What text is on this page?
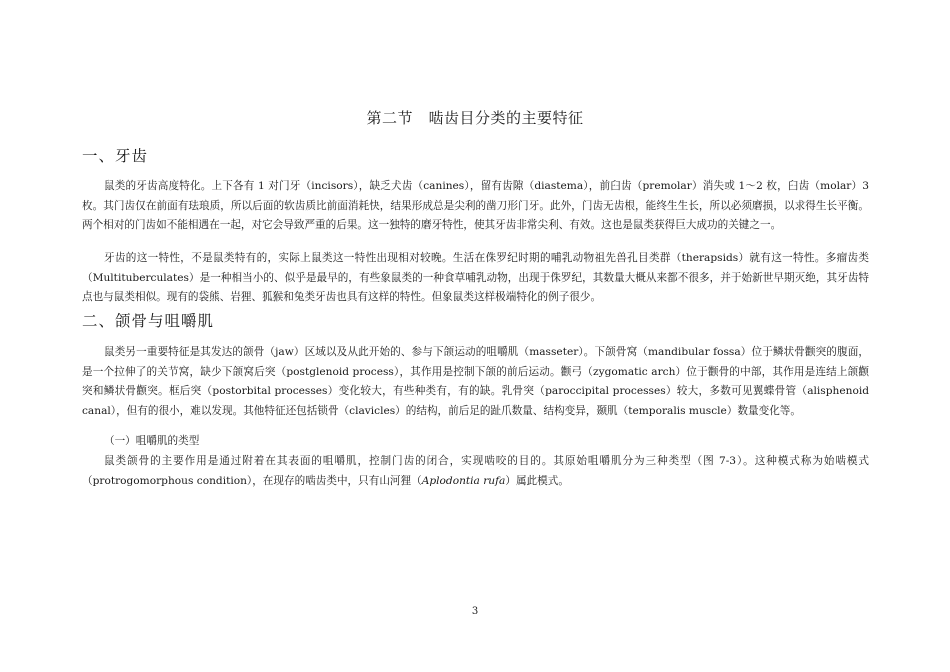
第二节　啮齿目分类的主要特征
一、牙齿

鼠类的牙齿高度特化。上下各有 1 对门牙（incisors），缺乏犬齿（canines），留有齿隙（diastema），前臼齿（premolar）消失或 1～2 枚，臼齿（molar）3 枚。其门齿仅在前面有珐琅质，所以后面的软齿质比前面消耗快，结果形成总是尖利的凿刀形门牙。此外，门齿无齿根，能终生生长，所以必须磨损，以求得生长平衡。两个相对的门齿如不能相遇在一起，对它会导致严重的后果。这一独特的磨牙特性，使其牙齿非常尖利、有效。这也是鼠类获得巨大成功的关键之一。

牙齿的这一特性，不是鼠类特有的，实际上鼠类这一特性出现相对较晚。生活在侏罗纪时期的哺乳动物祖先兽孔目类群（therapsids）就有这一特性。多瘤齿类（Multituberculates）是一种相当小的、似乎是最早的，有些象鼠类的一种食草哺乳动物，出现于侏罗纪，其数量大概从来都不很多，并于始新世早期灭绝，其牙齿特点也与鼠类相似。现有的袋熊、岩狸、狐猴和兔类牙齿也具有这样的特性。但象鼠类这样极端特化的例子很少。

二、颌骨与咀嚼肌

鼠类另一重要特征是其发达的颌骨（jaw）区域以及从此开始的、参与下颌运动的咀嚼肌（masseter）。下颌骨窝（mandibular fossa）位于鳞状骨颧突的腹面，是一个拉伸了的关节窝，缺少下颌窝后突（postglenoid process），其作用是控制下颌的前后运动。颧弓（zygomatic arch）位于颧骨的中部，其作用是连结上颌颧突和鳞状骨颧突。框后突（postorbital processes）变化较大，有些种类有，有的缺。乳骨突（paroccipital processes）较大，多数可见翼蝶骨管（alisphenoid canal），但有的很小，难以发现。其他特征还包括锁骨（clavicles）的结构，前后足的趾爪数量、结构变异，颞肌（temporalis muscle）数量变化等。

（一）咀嚼肌的类型

鼠类颌骨的主要作用是通过附着在其表面的咀嚼肌，控制门齿的闭合，实现啮咬的目的。其原始咀嚼肌分为三种类型（图 7-3）。这种模式称为始啮模式（protrogomorphous condition），在现存的啮齿类中，只有山河狸（Aplodontia rufa）属此模式。

3
